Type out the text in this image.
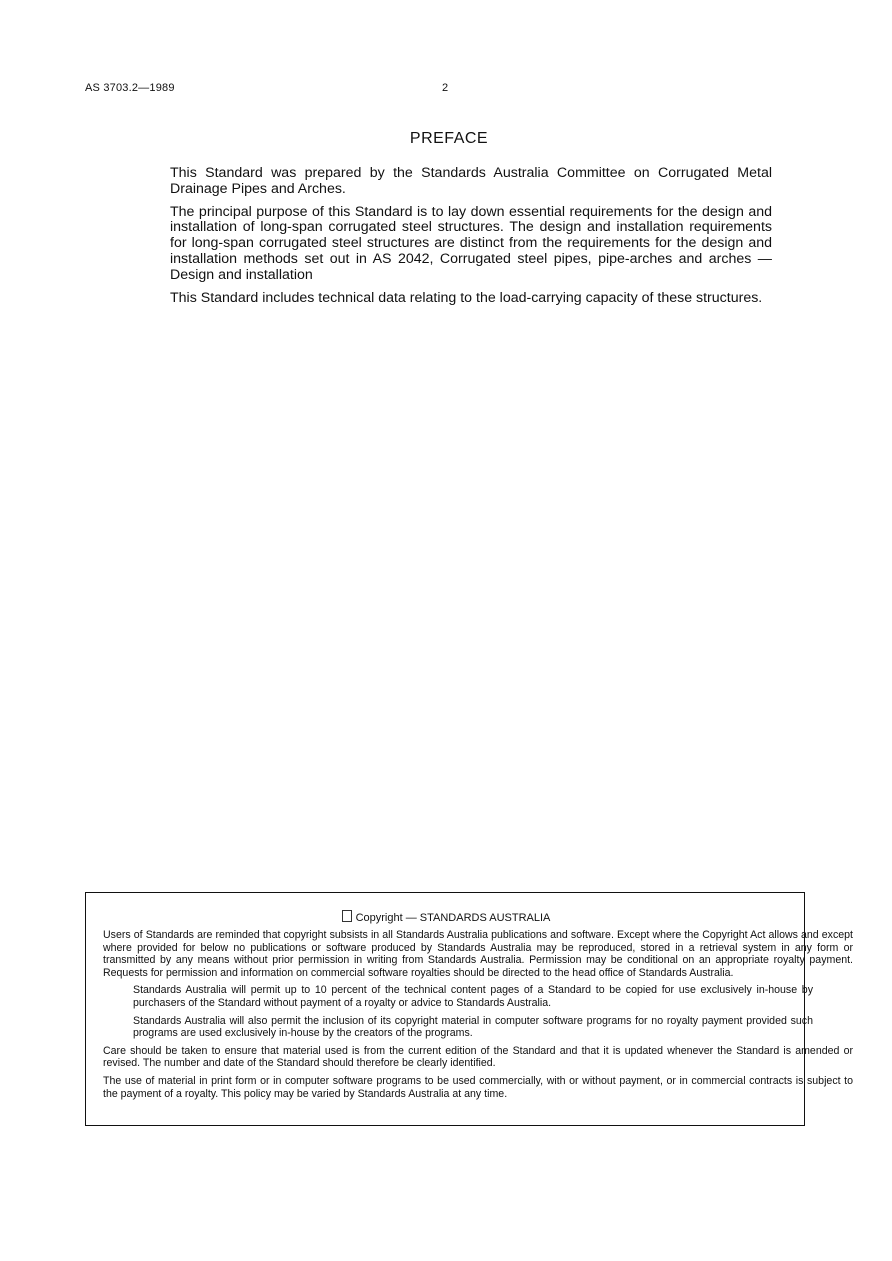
AS 3703.2—1989	2
PREFACE

This Standard was prepared by the Standards Australia Committee on Corrugated Metal Drainage Pipes and Arches.

The principal purpose of this Standard is to lay down essential requirements for the design and installation of long-span corrugated steel structures. The design and installation requirements for long-span corrugated steel structures are distinct from the requirements for the design and installation methods set out in AS 2042, Corrugated steel pipes, pipe-arches and arches — Design and installation

This Standard includes technical data relating to the load-carrying capacity of these structures.

Copyright — STANDARDS AUSTRALIA

Users of Standards are reminded that copyright subsists in all Standards Australia publications and software. Except where the Copyright Act allows and except where provided for below no publications or software produced by Standards Australia may be reproduced, stored in a retrieval system in any form or transmitted by any means without prior permission in writing from Standards Australia. Permission may be conditional on an appropriate royalty payment. Requests for permission and information on commercial software royalties should be directed to the head office of Standards Australia.

Standards Australia will permit up to 10 percent of the technical content pages of a Standard to be copied for use exclusively in-house by purchasers of the Standard without payment of a royalty or advice to Standards Australia.

Standards Australia will also permit the inclusion of its copyright material in computer software programs for no royalty payment provided such programs are used exclusively in-house by the creators of the programs.

Care should be taken to ensure that material used is from the current edition of the Standard and that it is updated whenever the Standard is amended or revised. The number and date of the Standard should therefore be clearly identified.

The use of material in print form or in computer software programs to be used commercially, with or without payment, or in commercial contracts is subject to the payment of a royalty. This policy may be varied by Standards Australia at any time.
